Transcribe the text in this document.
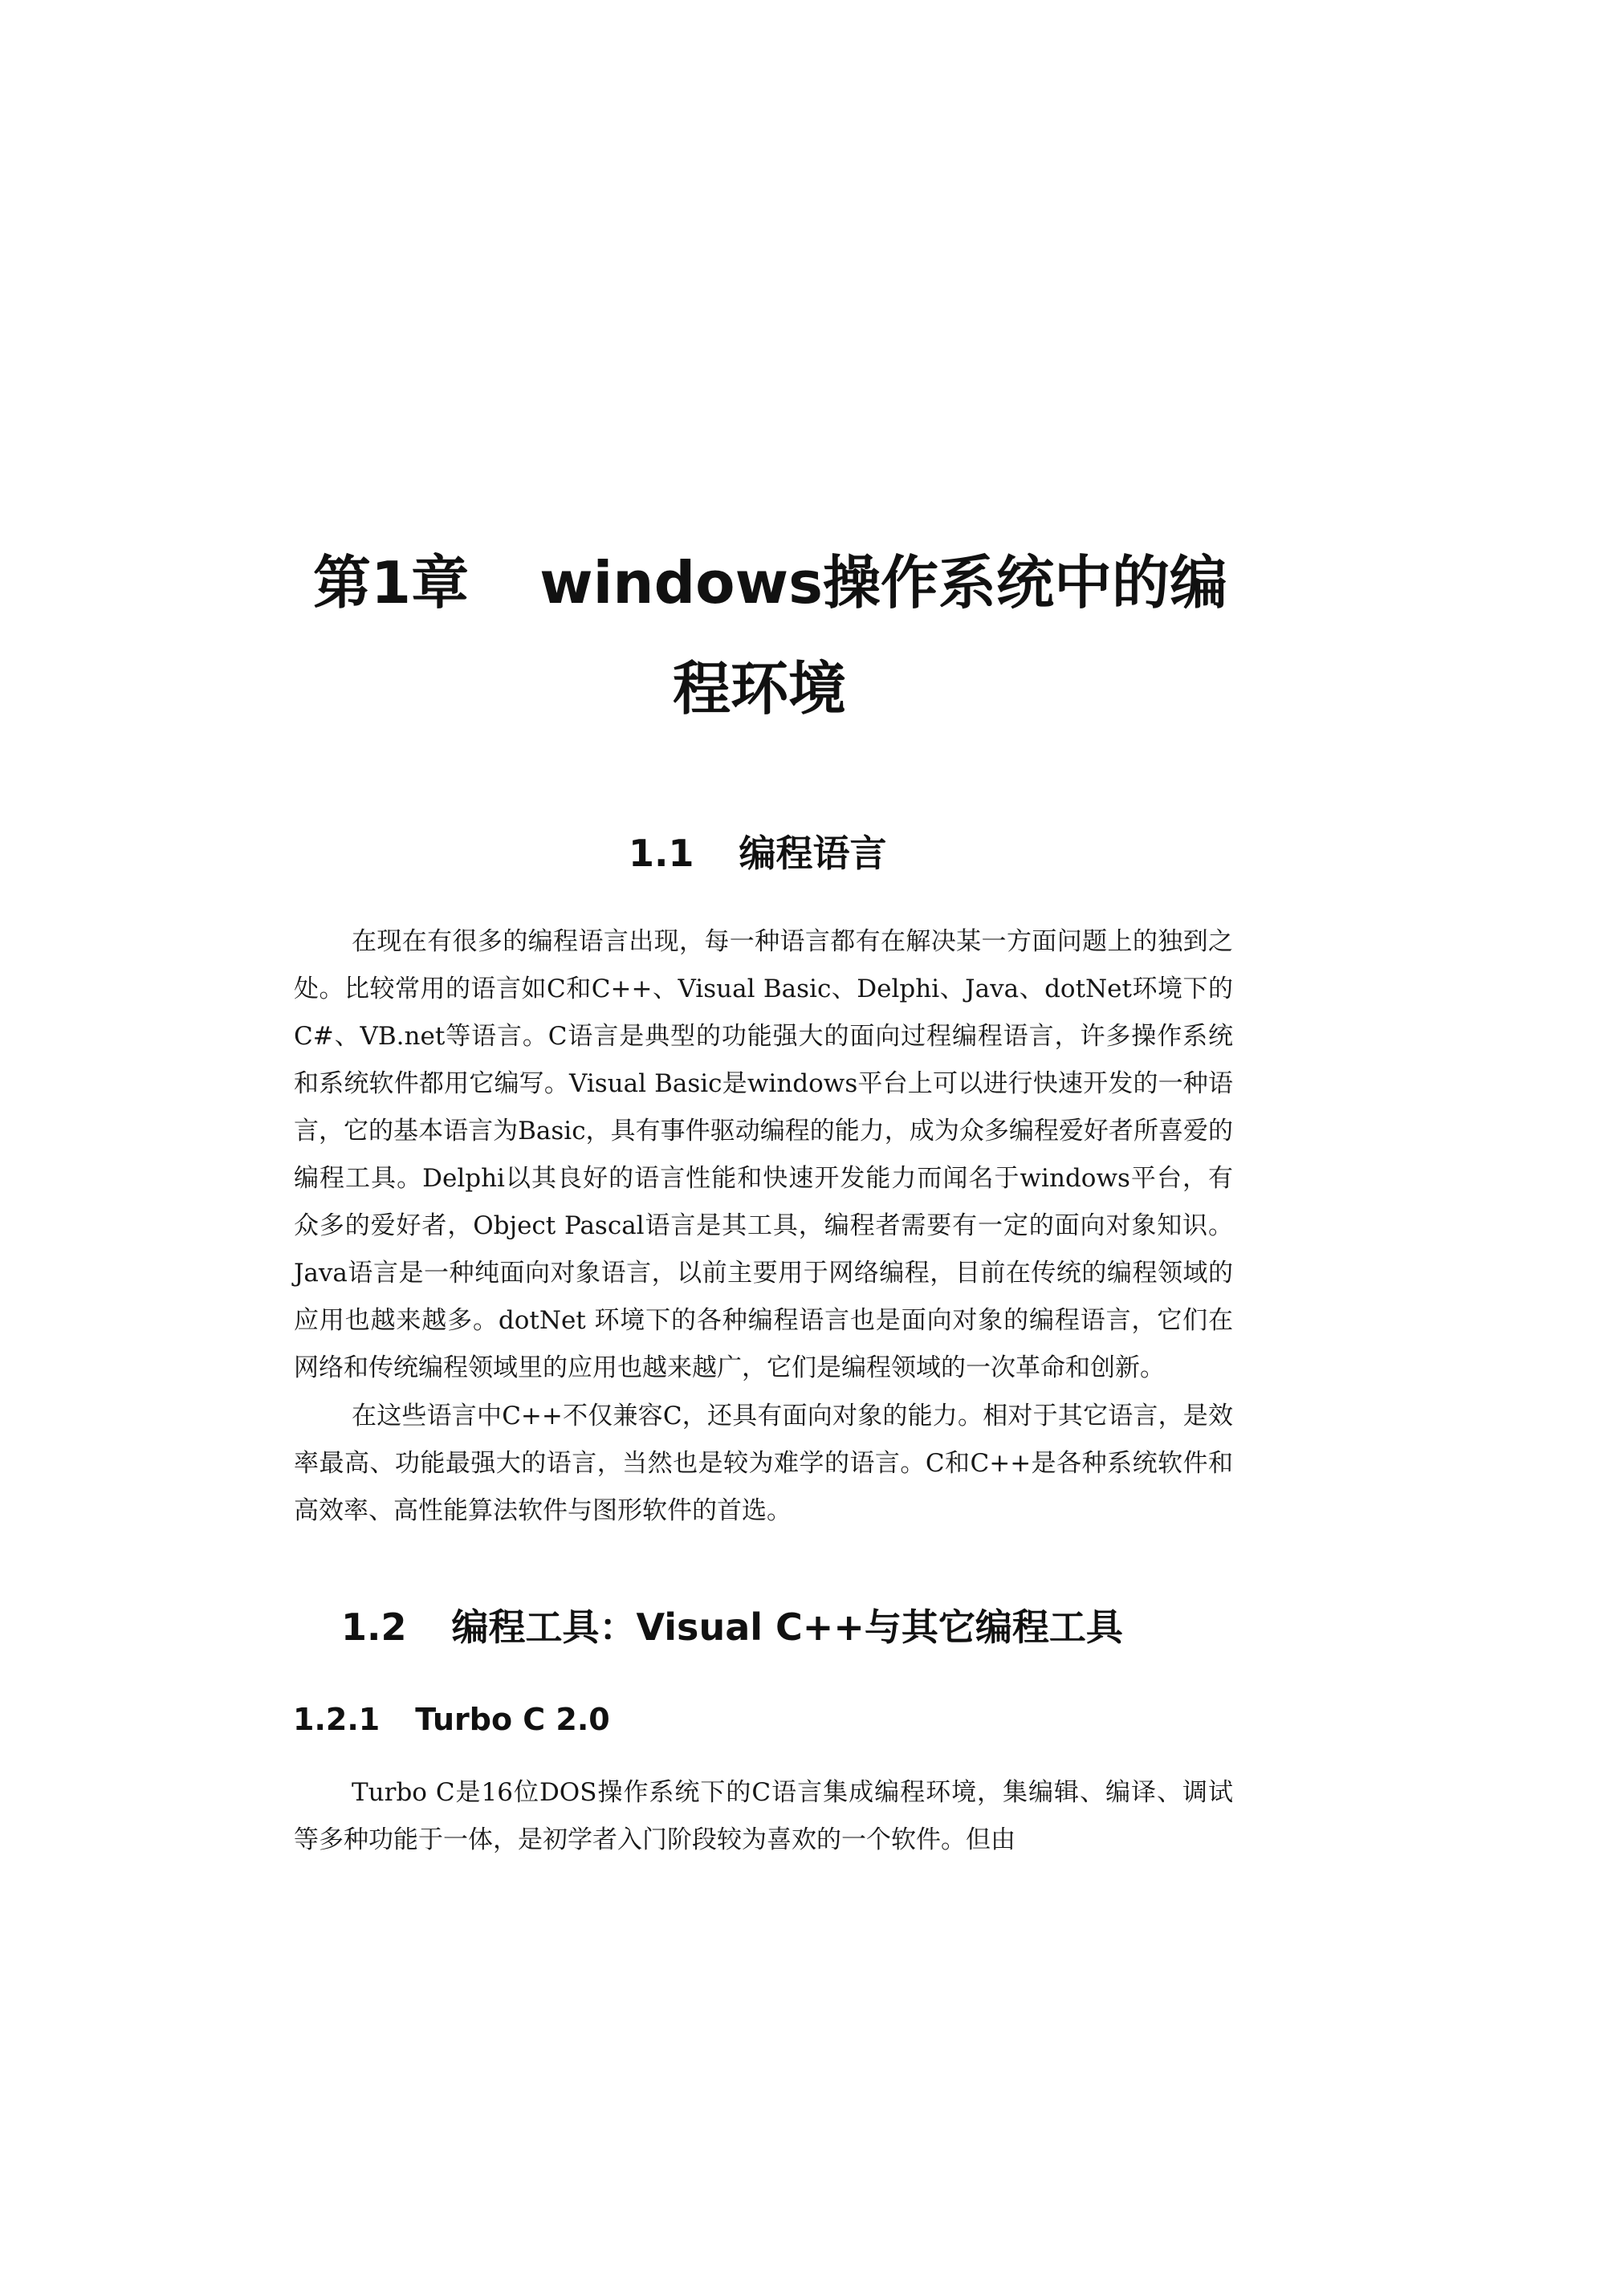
第1章 windows操作系统中的编
程环境
1.1 编程语言

在现在有很多的编程语言出现，每一种语言都有在解决某一方面问题上的独到之处。比较常用的语言如C和C++、Visual Basic、Delphi、Java、dotNet环境下的C#、VB.net等语言。C语言是典型的功能强大的面向过程编程语言，许多操作系统和系统软件都用它编写。Visual Basic是windows平台上可以进行快速开发的一种语言，它的基本语言为Basic，具有事件驱动编程的能力，成为众多编程爱好者所喜爱的编程工具。Delphi以其良好的语言性能和快速开发能力而闻名于windows平台，有众多的爱好者，Object Pascal语言是其工具，编程者需要有一定的面向对象知识。Java语言是一种纯面向对象语言，以前主要用于网络编程，目前在传统的编程领域的应用也越来越多。dotNet 环境下的各种编程语言也是面向对象的编程语言，它们在网络和传统编程领域里的应用也越来越广，它们是编程领域的一次革命和创新。

在这些语言中C++不仅兼容C，还具有面向对象的能力。相对于其它语言，是效率最高、功能最强大的语言，当然也是较为难学的语言。C和C++是各种系统软件和高效率、高性能算法软件与图形软件的首选。

1.2 编程工具：Visual C++与其它编程工具
1.2.1 Turbo C 2.0

Turbo C是16位DOS操作系统下的C语言集成编程环境，集编辑、编译、调试等多种功能于一体，是初学者入门阶段较为喜欢的一个软件。但由
